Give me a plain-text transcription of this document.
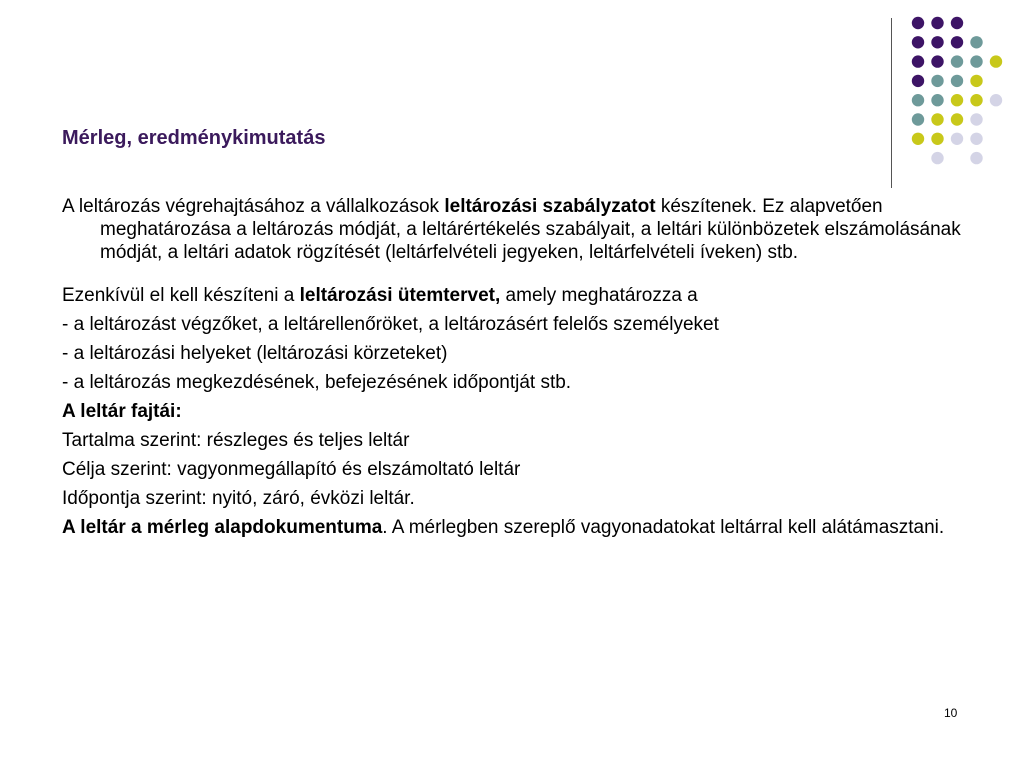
Mérleg, eredménykimutatás

A leltározás végrehajtásához a vállalkozások leltározási szabályzatot készítenek. Ez alapvetően meghatározása a leltározás módját, a leltárértékelés szabályait, a leltári különbözetek elszámolásának módját, a leltári adatok rögzítését (leltárfelvételi jegyeken, leltárfelvételi íveken) stb.

Ezenkívül el kell készíteni a leltározási ütemtervet, amely meghatározza a

- a leltározást végzőket, a leltárellenőröket, a leltározásért felelős személyeket

- a leltározási helyeket (leltározási körzeteket)

- a leltározás megkezdésének, befejezésének időpontját stb.

A leltár fajtái:

Tartalma szerint: részleges és teljes leltár

Célja szerint: vagyonmegállapító és elszámoltató leltár

Időpontja szerint: nyitó, záró, évközi leltár.

A leltár a mérleg alapdokumentuma. A mérlegben szereplő vagyonadatokat leltárral kell alátámasztani.

10
